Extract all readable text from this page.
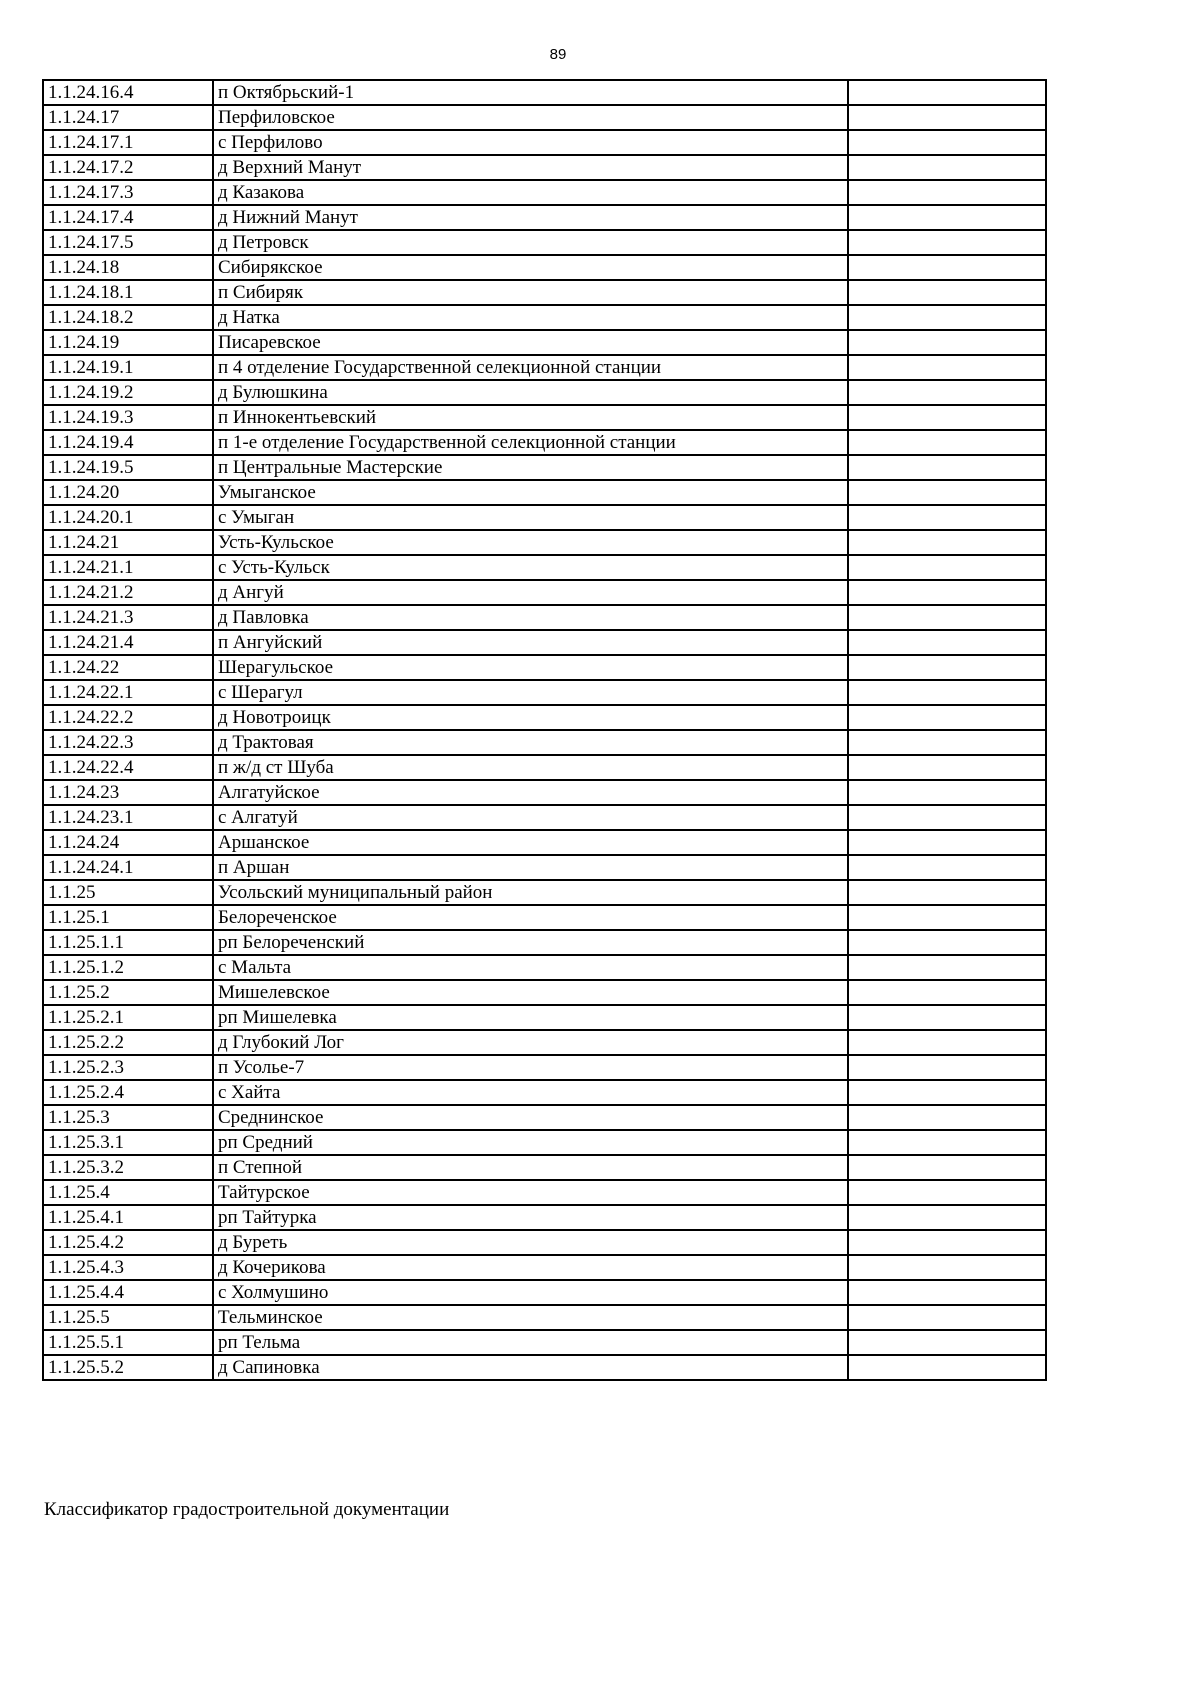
89
1.1.24.16.4	п Октябрьский-1	
1.1.24.17	Перфиловское	
1.1.24.17.1	с Перфилово	
1.1.24.17.2	д Верхний Манут	
1.1.24.17.3	д Казакова	
1.1.24.17.4	д Нижний Манут	
1.1.24.17.5	д Петровск	
1.1.24.18	Сибирякское	
1.1.24.18.1	п Сибиряк	
1.1.24.18.2	д Натка	
1.1.24.19	Писаревское	
1.1.24.19.1	п 4 отделение Государственной селекционной станции	
1.1.24.19.2	д Булюшкина	
1.1.24.19.3	п Иннокентьевский	
1.1.24.19.4	п 1-е отделение Государственной селекционной станции	
1.1.24.19.5	п Центральные Мастерские	
1.1.24.20	Умыганское	
1.1.24.20.1	с Умыган	
1.1.24.21	Усть-Кульское	
1.1.24.21.1	с Усть-Кульск	
1.1.24.21.2	д Ангуй	
1.1.24.21.3	д Павловка	
1.1.24.21.4	п Ангуйский	
1.1.24.22	Шерагульское	
1.1.24.22.1	с Шерагул	
1.1.24.22.2	д Новотроицк	
1.1.24.22.3	д Трактовая	
1.1.24.22.4	п ж/д ст Шуба	
1.1.24.23	Алгатуйское	
1.1.24.23.1	с Алгатуй	
1.1.24.24	Аршанское	
1.1.24.24.1	п Аршан	
1.1.25	Усольский муниципальный район	
1.1.25.1	Белореченское	
1.1.25.1.1	рп Белореченский	
1.1.25.1.2	с Мальта	
1.1.25.2	Мишелевское	
1.1.25.2.1	рп Мишелевка	
1.1.25.2.2	д Глубокий Лог	
1.1.25.2.3	п Усолье-7	
1.1.25.2.4	с Хайта	
1.1.25.3	Среднинское	
1.1.25.3.1	рп Средний	
1.1.25.3.2	п Степной	
1.1.25.4	Тайтурское	
1.1.25.4.1	рп Тайтурка	
1.1.25.4.2	д Буреть	
1.1.25.4.3	д Кочерикова	
1.1.25.4.4	с Холмушино	
1.1.25.5	Тельминское	
1.1.25.5.1	рп Тельма	
1.1.25.5.2	д Сапиновка	
Классификатор градостроительной документации
